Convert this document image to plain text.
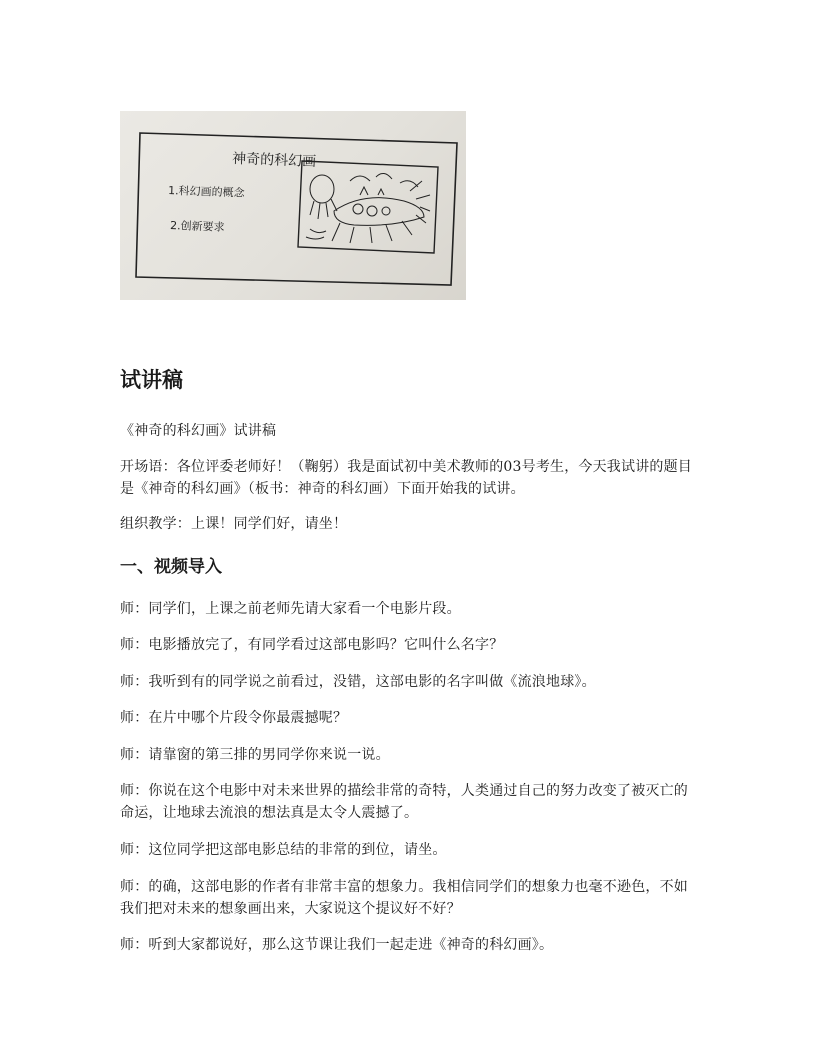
神奇的科幻画
1.科幻画的概念
2.创新要求
试讲稿

《神奇的科幻画》试讲稿

开场语：各位评委老师好！（鞠躬）我是面试初中美术教师的03号考生，今天我试讲的题目是《神奇的科幻画》（板书：神奇的科幻画）下面开始我的试讲。

组织教学：上课！同学们好，请坐！

一、视频导入

师：同学们，上课之前老师先请大家看一个电影片段。

师：电影播放完了，有同学看过这部电影吗？它叫什么名字？

师：我听到有的同学说之前看过，没错，这部电影的名字叫做《流浪地球》。

师：在片中哪个片段令你最震撼呢？

师：请靠窗的第三排的男同学你来说一说。

师：你说在这个电影中对未来世界的描绘非常的奇特，人类通过自己的努力改变了被灭亡的命运，让地球去流浪的想法真是太令人震撼了。

师：这位同学把这部电影总结的非常的到位，请坐。

师：的确，这部电影的作者有非常丰富的想象力。我相信同学们的想象力也毫不逊色，不如我们把对未来的想象画出来，大家说这个提议好不好？

师：听到大家都说好，那么这节课让我们一起走进《神奇的科幻画》。
